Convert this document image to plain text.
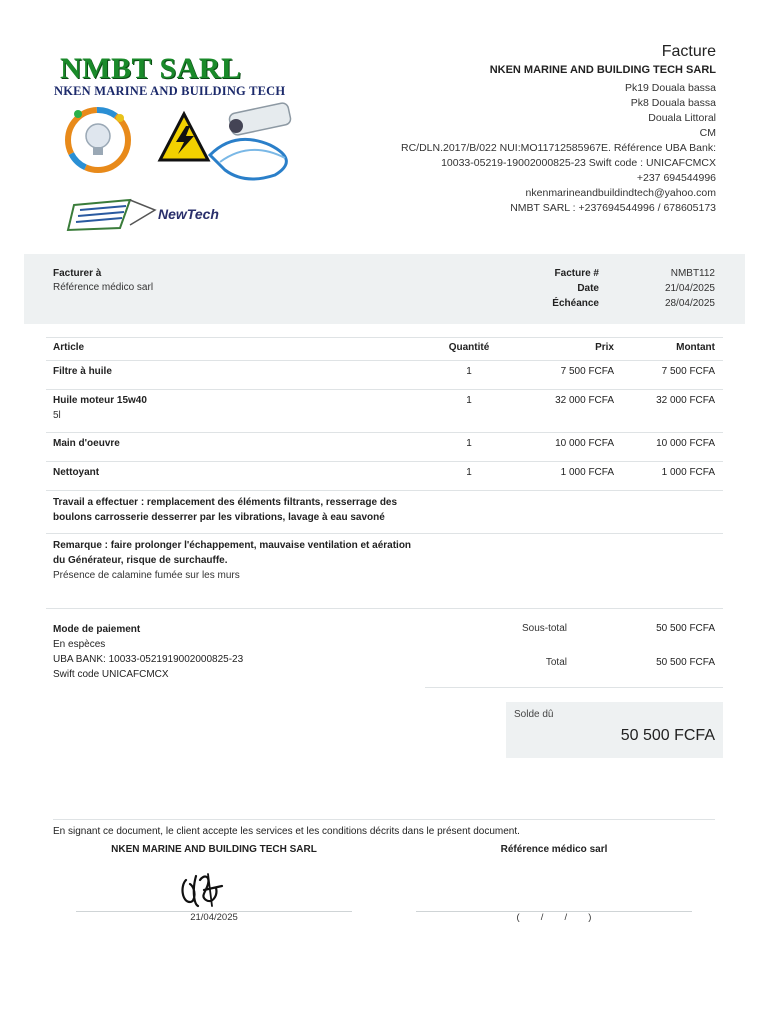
NMBT SARL
NKEN MARINE AND BUILDING TECH
NewTech
Facture
NKEN MARINE AND BUILDING TECH SARL
Pk19 Douala bassa
Pk8 Douala bassa
Douala Littoral
CM
RC/DLN.2017/B/022 NUI:MO11712585967E. Référence UBA Bank:
10033-05219-19002000825-23 Swift code : UNICAFCMCX
+237 694544996
nkenmarineandbuildindtech@yahoo.com
NMBT SARL : +237694544996 / 678605173
Facturer à
Référence médico sarl
Facture #	NMBT112
Date	21/04/2025
Échéance	28/04/2025
Article	Quantité	Prix	Montant
Filtre à huile	1	7 500 FCFA	7 500 FCFA
Huile moteur 15w40
5l
1	32 000 FCFA	32 000 FCFA
Main d'oeuvre	1	10 000 FCFA	10 000 FCFA
Nettoyant	1	1 000 FCFA	1 000 FCFA
Travail a effectuer : remplacement des éléments filtrants, resserrage des
boulons carrosserie desserrer par les vibrations, lavage à eau savoné
Remarque : faire prolonger l'échappement, mauvaise ventilation et aération
du Générateur, risque de surchauffe.
Présence de calamine fumée sur les murs
Mode de paiement
En espèces
UBA BANK: 10033-0521919002000825-23
Swift code UNICAFCMCX
Sous-total	50 500 FCFA
Total	50 500 FCFA
Solde dû
50 500 FCFA
En signant ce document, le client accepte les services et les conditions décrits dans le présent document.
NKEN MARINE AND BUILDING TECH SARL	Référence médico sarl
21/04/2025	(        /        /        )
